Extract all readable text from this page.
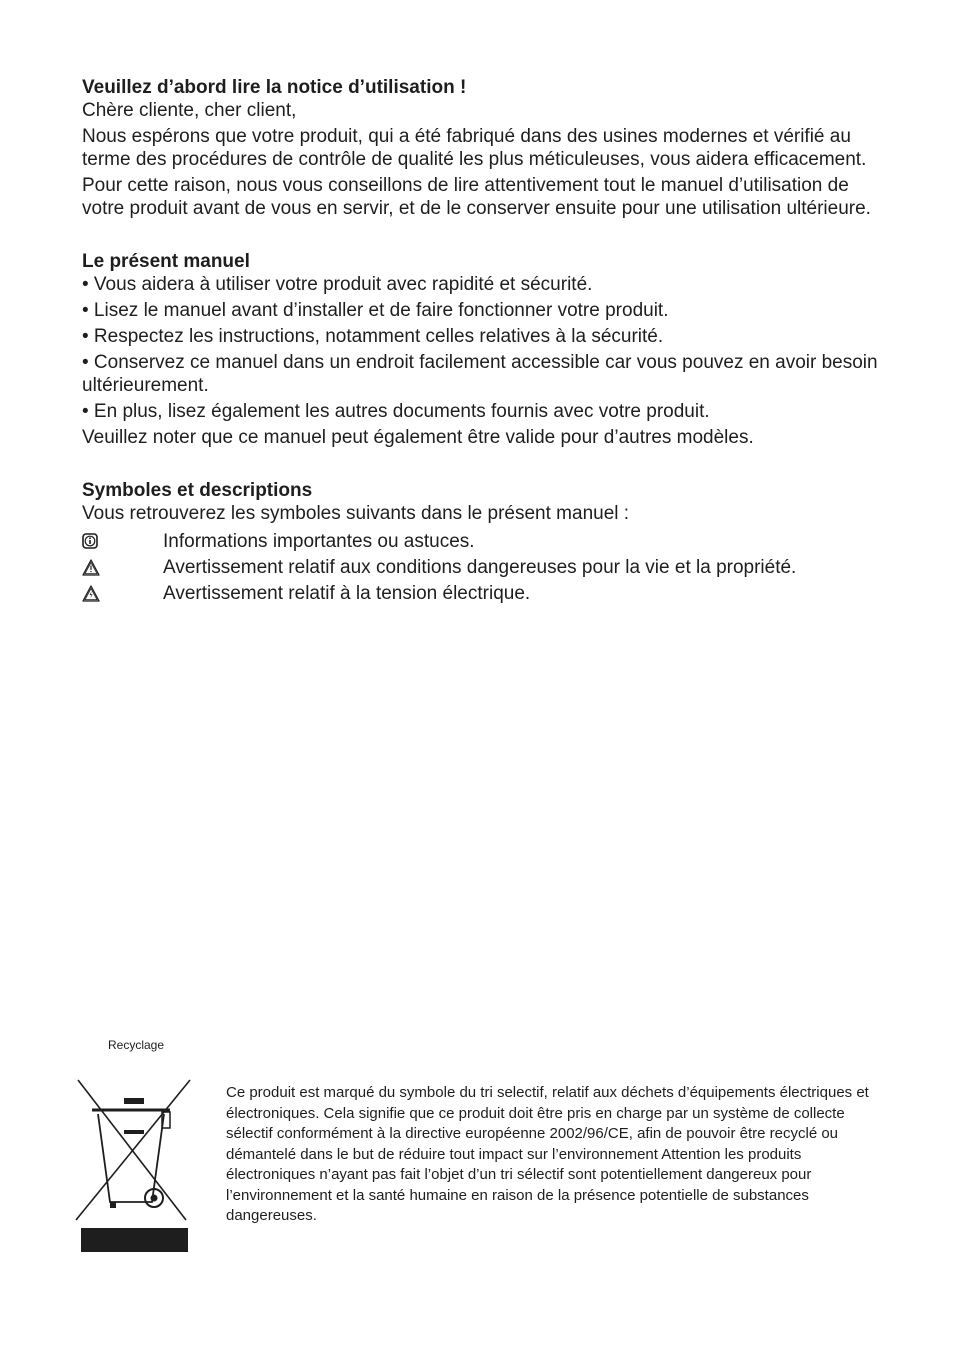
Veuillez d’abord lire la notice d’utilisation !

Chère cliente, cher client,

Nous espérons que votre produit, qui a été fabriqué dans des usines modernes et vérifié au terme des procédures de contrôle de qualité les plus méticuleuses, vous aidera efficacement.

Pour cette raison, nous vous conseillons de lire attentivement tout le manuel d’utilisation de votre produit avant de vous en servir, et de le conserver ensuite pour une utilisation ultérieure.

Le présent manuel

• Vous aidera à utiliser votre produit avec rapidité et sécurité.

• Lisez le manuel avant d’installer et de faire fonctionner votre produit.

• Respectez les instructions, notamment celles relatives à la sécurité.

• Conservez ce manuel dans un endroit facilement accessible car vous pouvez en avoir besoin ultérieurement.

• En plus, lisez également les autres documents fournis avec votre produit.

Veuillez noter que ce manuel peut également être valide pour d’autres modèles.

Symboles et descriptions

Vous retrouverez les symboles suivants dans le présent manuel :

Informations importantes ou astuces.
Avertissement relatif aux conditions dangereuses pour la vie et la propriété.
Avertissement relatif à la tension électrique.
Recyclage
Ce produit est marqué du symbole du tri selectif, relatif aux déchets d’équipements électriques et électroniques. Cela signifie que ce produit doit être pris en charge par un système de collecte sélectif conformément à la directive européenne 2002/96/CE, afin de pouvoir être recyclé ou démantelé dans le but de réduire tout impact sur l’environnement Attention les produits électroniques n’ayant pas fait l’objet d’un tri sélectif sont potentiellement dangereux pour l’environnement et la santé humaine en raison de la présence potentielle de substances dangereuses.
